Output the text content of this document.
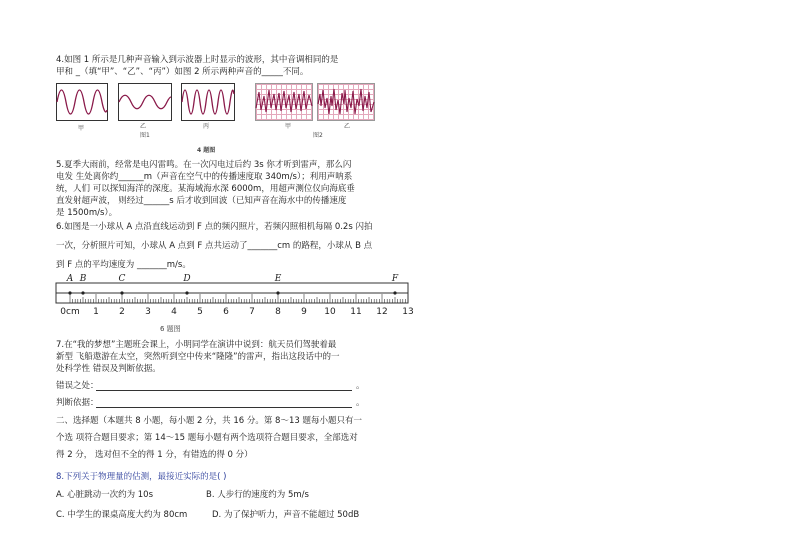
4.如图 1 所示是几种声音输入到示波器上时显示的波形，其中音调相同的是
甲和 _（填“甲”、“乙”、“丙”）如图 2 所示两种声音的_____不同。
甲	乙	丙
图1
甲	乙
图2
4 题图
5.夏季大雨前，经常是电闪雷鸣。在一次闪电过后约 3s 你才听到雷声，那么闪
电发 生处离你约______m（声音在空气中的传播速度取 340m/s）；利用声呐系
统，人们 可以探知海洋的深度。某海域海水深 6000m，用超声测位仪向海底垂
直发射超声波， 则经过______s 后才收到回波（已知声音在海水中的传播速度
是 1500m/s）。
6.如图是一小球从 A 点沿直线运动到 F 点的频闪照片，若频闪照相机每隔 0.2s 闪拍
一次，分析照片可知，小球从 A 点到 F 点共运动了_______cm 的路程，小球从 B 点
到 F 点的平均速度为 _______m/s。
0cm 1 2 3 4 5 6 7 8 9 10 11 12 13
A B	C	D	E	F
6 题图
7.在“我的梦想”主题班会课上，小明同学在演讲中说到：航天员们驾驶着最
新型 飞船遨游在太空，突然听到空中传来“隆隆”的雷声，指出这段话中的一
处科学性 错误及判断依据。
错误之处：	。
判断依据：	。
二、选择题（本题共 8 小题，每小题 2 分，共 16 分。第 8～13 题每小题只有一
个选 项符合题目要求；第 14～15 题每小题有两个选项符合题目要求，全部选对
得 2 分， 选对但不全的得 1 分，有错选的得 0 分）
8.下列关于物理量的估测，最接近实际的是( )
A. 心脏跳动一次约为 10s	B. 人步行的速度约为 5m/s
C. 中学生的课桌高度大约为 80cm	D. 为了保护听力，声音不能超过 50dB
